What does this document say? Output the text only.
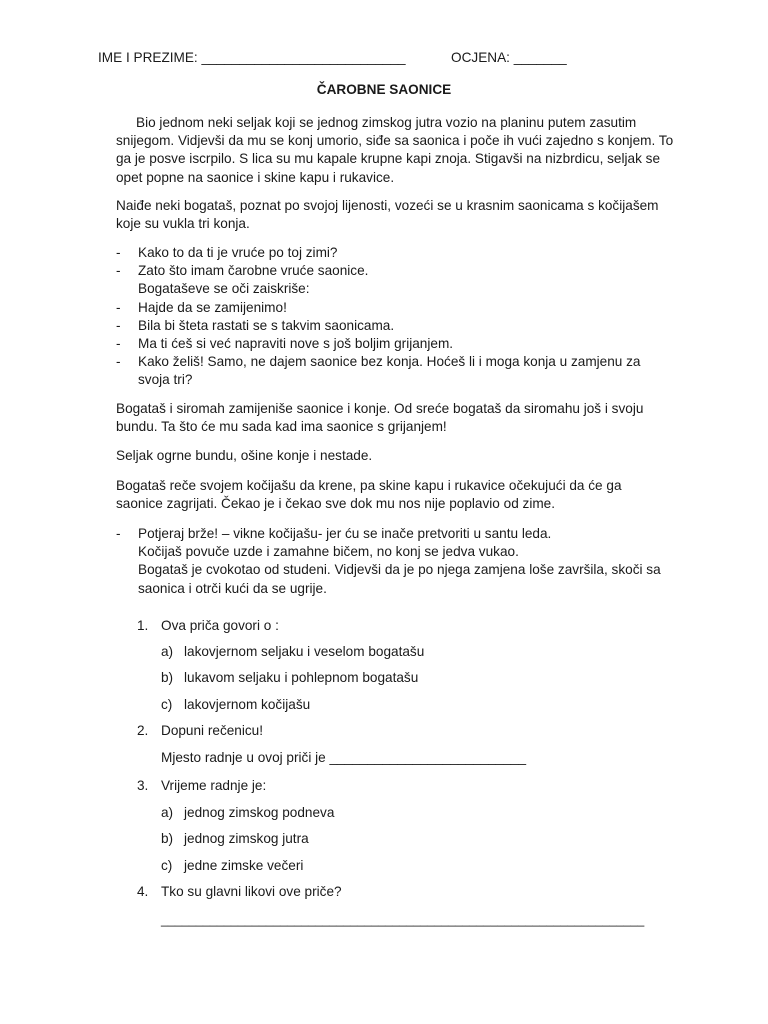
IME I PREZIME: ___________________________	OCJENA: _______
ČAROBNE SAONICE

Bio jednom neki seljak koji se jednog zimskog jutra vozio na planinu putem zasutim

snijegom. Vidjevši da mu se konj umorio, siđe sa saonica i poče ih vući zajedno s konjem. To

ga je posve iscrpilo. S lica su mu kapale krupne kapi znoja. Stigavši na nizbrdicu, seljak se

opet popne na saonice i skine kapu i rukavice.

Naiđe neki bogataš, poznat po svojoj lijenosti, vozeći se u krasnim saonicama s kočijašem

koje su vukla tri konja.

- Kako to da ti je vruće po toj zimi?
- Zato što imam čarobne vruće saonice.
Bogataševe se oči zaiskriše:
- Hajde da se zamijenimo!
- Bila bi šteta rastati se s takvim saonicama.
- Ma ti ćeš si već napraviti nove s još boljim grijanjem.
- Kako želiš! Samo, ne dajem saonice bez konja. Hoćeš li i moga konja u zamjenu za
svoja tri?

Bogataš i siromah zamijeniše saonice i konje. Od sreće bogataš da siromahu još i svoju

bundu. Ta što će mu sada kad ima saonice s grijanjem!

Seljak ogrne bundu, ošine konje i nestade.

Bogataš reče svojem kočijašu da krene, pa skine kapu i rukavice očekujući da će ga

saonice zagrijati. Čekao je i čekao sve dok mu nos nije poplavio od zime.

- Potjeraj brže! – vikne kočijašu- jer ću se inače pretvoriti u santu leda.
Kočijaš povuče uzde i zamahne bičem, no konj se jedva vukao.
Bogataš je cvokotao od studeni. Vidjevši da je po njega zamjena loše završila, skoči sa
saonica i otrči kući da se ugrije.
1. Ova priča govori o :
a) lakovjernom seljaku i veselom bogatašu
b) lukavom seljaku i pohlepnom bogatašu
c) lakovjernom kočijašu
2. Dopuni rečenicu!
Mjesto radnje u ovoj priči je __________________________
3. Vrijeme radnje je:
a) jednog zimskog podneva
b) jednog zimskog jutra
c) jedne zimske večeri
4. Tko su glavni likovi ove priče?
_____________________________________________________________________
